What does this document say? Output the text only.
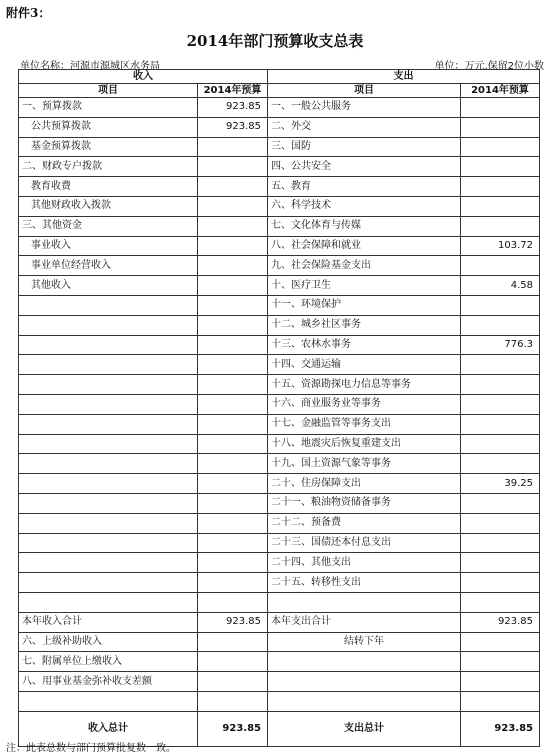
附件3：
2014年部门预算收支总表
单位名称：河源市源城区水务局	单位：万元,保留2位小数
收入		支出	
项目	2014年预算	项目	2014年预算
一、预算拨款	923.85	一、一般公共服务	
公共预算拨款	923.85	二、外交	
基金预算拨款		三、国防	
二、财政专户拨款		四、公共安全	
教育收费		五、教育	
其他财政收入拨款		六、科学技术	
三、其他资金		七、文化体育与传媒	
事业收入		八、社会保障和就业	103.72
事业单位经营收入		九、社会保险基金支出	
其他收入		十、医疗卫生	4.58
		十一、环境保护	
		十二、城乡社区事务	
		十三、农林水事务	776.3
		十四、交通运输	
		十五、资源勘探电力信息等事务	
		十六、商业服务业等事务	
		十七、金融监管等事务支出	
		十八、地震灾后恢复重建支出	
		十九、国土资源气象等事务	
		二十、住房保障支出	39.25
		二十一、粮油物资储备事务	
		二十二、预备费	
		二十三、国债还本付息支出	
		二十四、其他支出	
		二十五、转移性支出	

本年收入合计	923.85	本年支出合计	923.85
六、上级补助收入		结转下年	
七、附属单位上缴收入			
八、用事业基金弥补收支差额			

收入总计	923.85	支出总计	923.85
注：此表总数与部门预算批复数一致。
